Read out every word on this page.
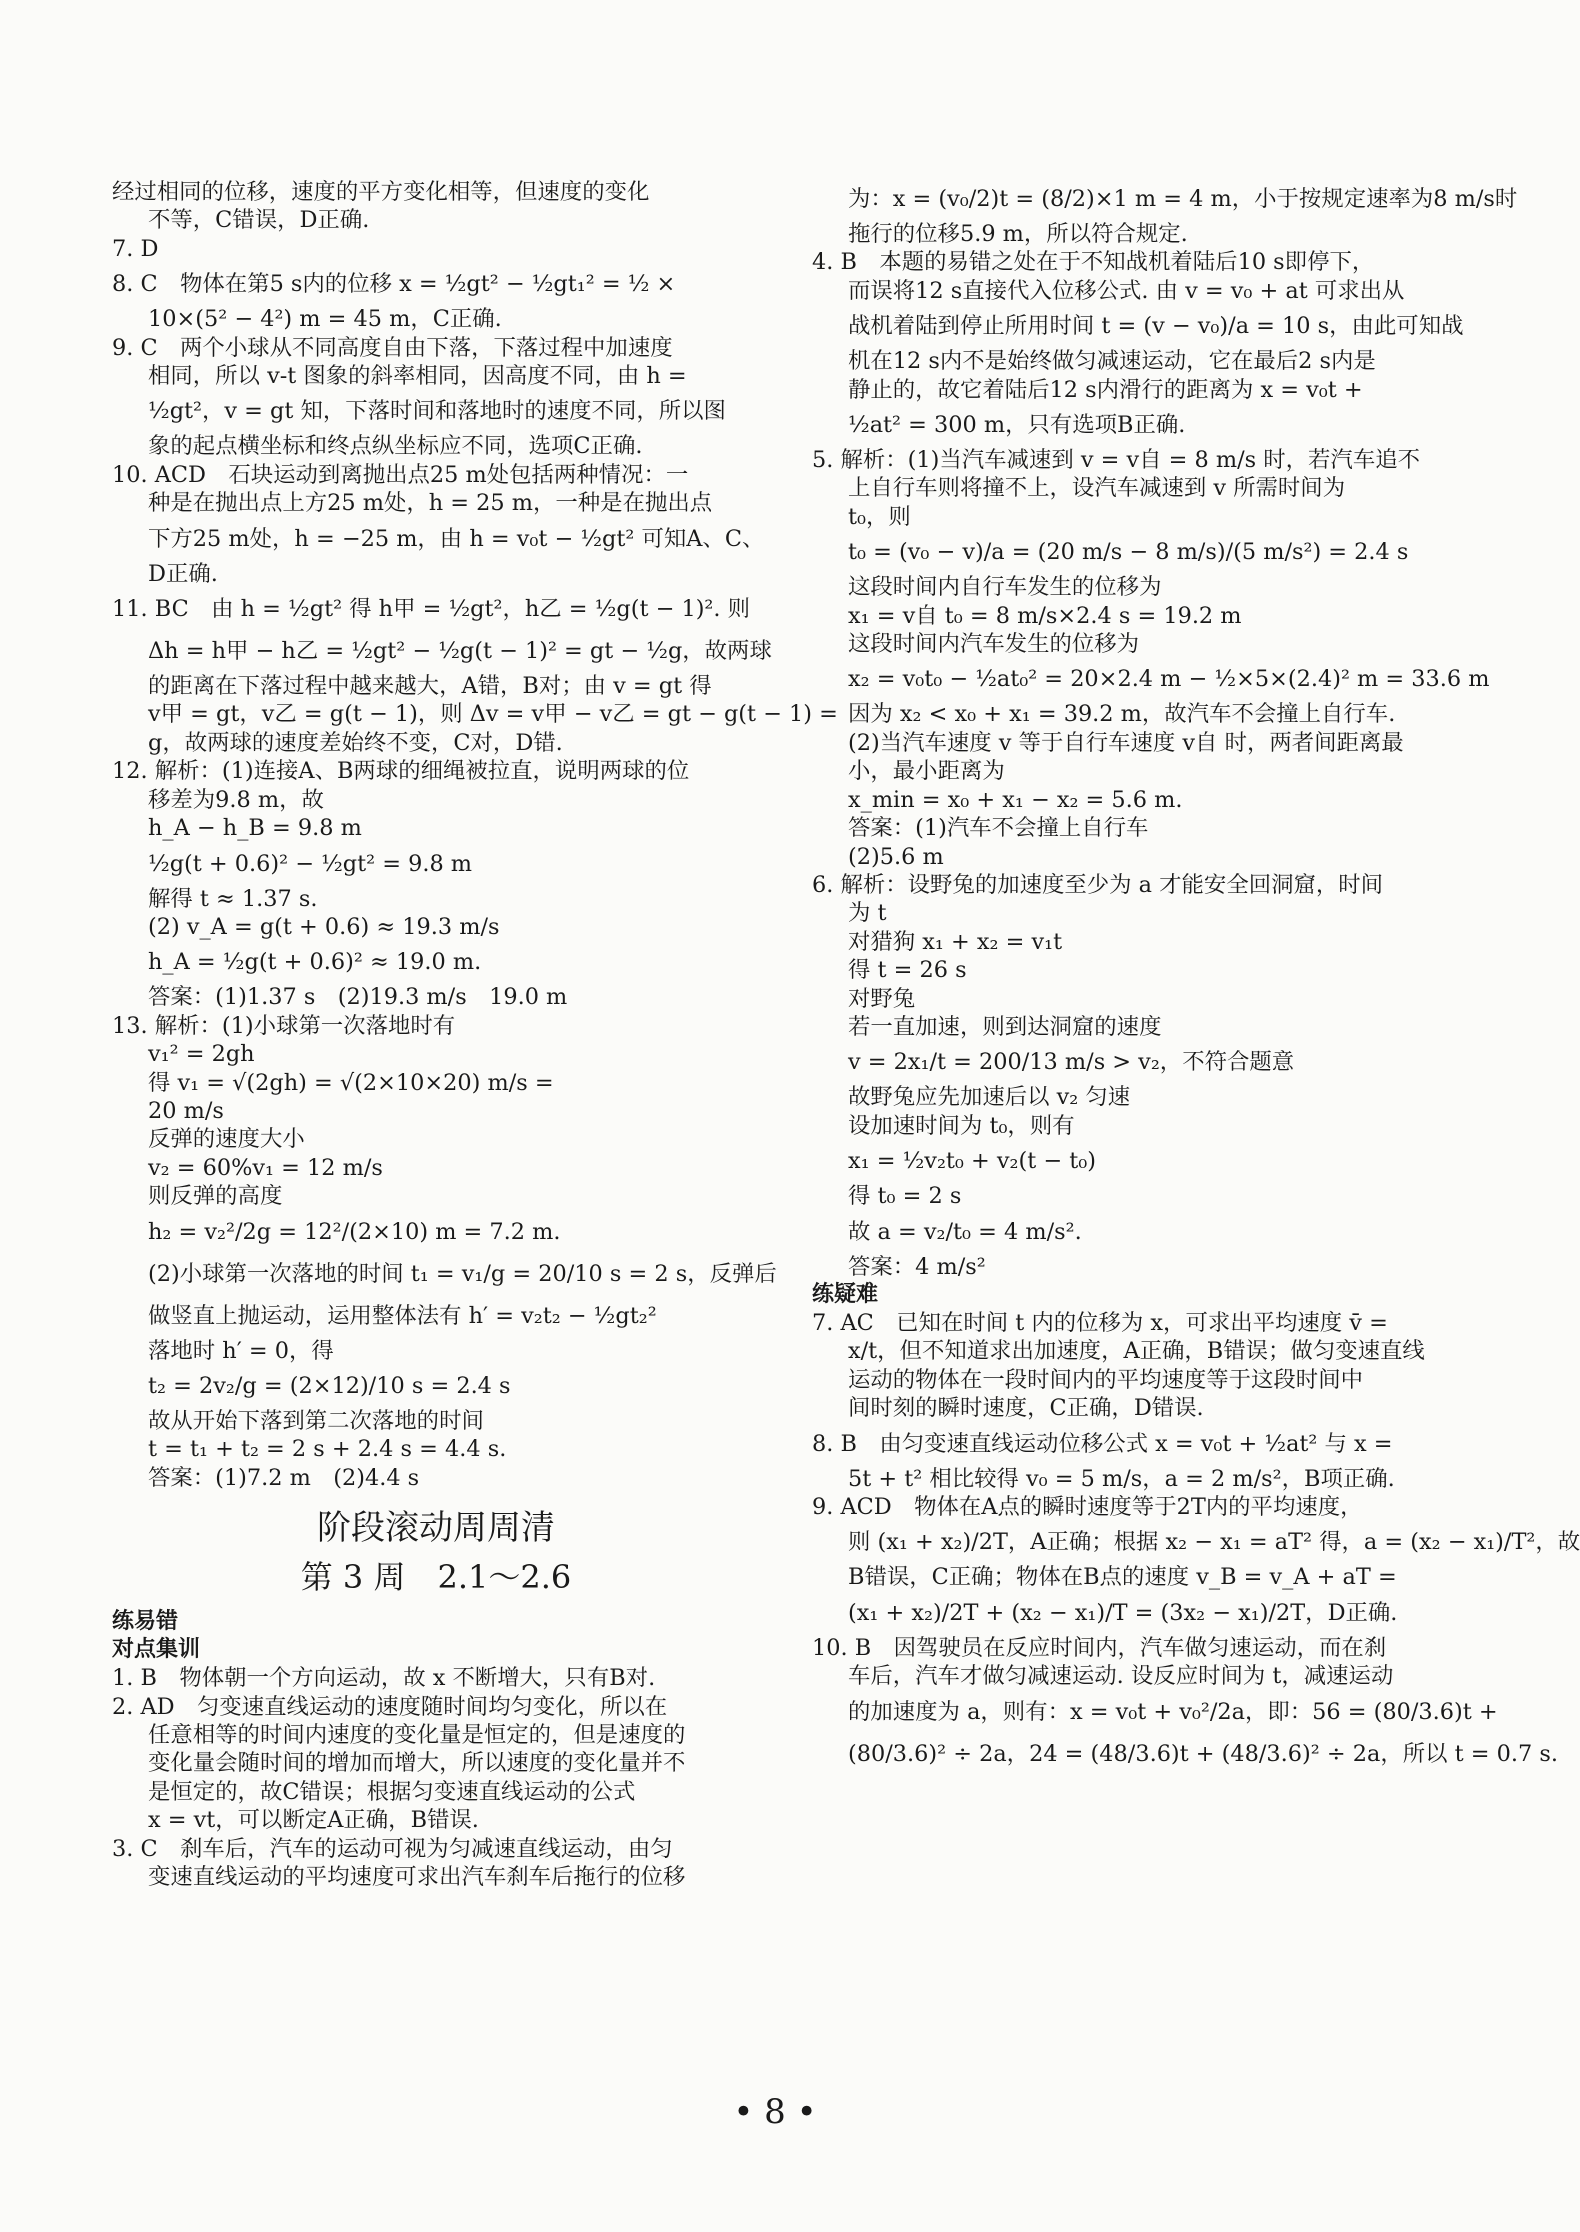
经过相同的位移，速度的平方变化相等，但速度的变化
不等，C错误，D正确.
7. D
8. C　物体在第5 s内的位移 x = ½gt² − ½gt₁² = ½ ×
10×(5² − 4²) m = 45 m，C正确.
9. C　两个小球从不同高度自由下落，下落过程中加速度
相同，所以 v-t 图象的斜率相同，因高度不同，由 h =
½gt²，v = gt 知，下落时间和落地时的速度不同，所以图
象的起点横坐标和终点纵坐标应不同，选项C正确.
10. ACD　石块运动到离抛出点25 m处包括两种情况：一
种是在抛出点上方25 m处，h = 25 m，一种是在抛出点
下方25 m处，h = −25 m，由 h = v₀t − ½gt² 可知A、C、
D正确.
11. BC　由 h = ½gt² 得 h甲 = ½gt²，h乙 = ½g(t − 1)². 则
Δh = h甲 − h乙 = ½gt² − ½g(t − 1)² = gt − ½g，故两球
的距离在下落过程中越来越大，A错，B对；由 v = gt 得
v甲 = gt，v乙 = g(t − 1)，则 Δv = v甲 − v乙 = gt − g(t − 1) =
g，故两球的速度差始终不变，C对，D错.
12. 解析：(1)连接A、B两球的细绳被拉直，说明两球的位
移差为9.8 m，故
h_A − h_B = 9.8 m
½g(t + 0.6)² − ½gt² = 9.8 m
解得 t ≈ 1.37 s.
(2) v_A = g(t + 0.6) ≈ 19.3 m/s
h_A = ½g(t + 0.6)² ≈ 19.0 m.
答案：(1)1.37 s　(2)19.3 m/s　19.0 m
13. 解析：(1)小球第一次落地时有
v₁² = 2gh
得 v₁ = √(2gh) = √(2×10×20) m/s =
20 m/s
反弹的速度大小
v₂ = 60%v₁ = 12 m/s
则反弹的高度
h₂ = v₂²/2g = 12²/(2×10) m = 7.2 m.
(2)小球第一次落地的时间 t₁ = v₁/g = 20/10 s = 2 s，反弹后
做竖直上抛运动，运用整体法有 h′ = v₂t₂ − ½gt₂²
落地时 h′ = 0，得
t₂ = 2v₂/g = (2×12)/10 s = 2.4 s
故从开始下落到第二次落地的时间
t = t₁ + t₂ = 2 s + 2.4 s = 4.4 s.
答案：(1)7.2 m　(2)4.4 s
阶段滚动周周清
第 3 周　2.1～2.6
练易错
对点集训
1. B　物体朝一个方向运动，故 x 不断增大，只有B对.
2. AD　匀变速直线运动的速度随时间均匀变化，所以在
任意相等的时间内速度的变化量是恒定的，但是速度的
变化量会随时间的增加而增大，所以速度的变化量并不
是恒定的，故C错误；根据匀变速直线运动的公式
x = vt，可以断定A正确，B错误.
3. C　刹车后，汽车的运动可视为匀减速直线运动，由匀
变速直线运动的平均速度可求出汽车刹车后拖行的位移
为：x = (v₀/2)t = (8/2)×1 m = 4 m，小于按规定速率为8 m/s时
拖行的位移5.9 m，所以符合规定.
4. B　本题的易错之处在于不知战机着陆后10 s即停下，
而误将12 s直接代入位移公式. 由 v = v₀ + at 可求出从
战机着陆到停止所用时间 t = (v − v₀)/a = 10 s，由此可知战
机在12 s内不是始终做匀减速运动，它在最后2 s内是
静止的，故它着陆后12 s内滑行的距离为 x = v₀t +
½at² = 300 m，只有选项B正确.
5. 解析：(1)当汽车减速到 v = v自 = 8 m/s 时，若汽车追不
上自行车则将撞不上，设汽车减速到 v 所需时间为
t₀，则
t₀ = (v₀ − v)/a = (20 m/s − 8 m/s)/(5 m/s²) = 2.4 s
这段时间内自行车发生的位移为
x₁ = v自 t₀ = 8 m/s×2.4 s = 19.2 m
这段时间内汽车发生的位移为
x₂ = v₀t₀ − ½at₀² = 20×2.4 m − ½×5×(2.4)² m = 33.6 m
因为 x₂ < x₀ + x₁ = 39.2 m，故汽车不会撞上自行车.
(2)当汽车速度 v 等于自行车速度 v自 时，两者间距离最
小，最小距离为
x_min = x₀ + x₁ − x₂ = 5.6 m.
答案：(1)汽车不会撞上自行车
(2)5.6 m
6. 解析：设野兔的加速度至少为 a 才能安全回洞窟，时间
为 t
对猎狗 x₁ + x₂ = v₁t
得 t = 26 s
对野兔
若一直加速，则到达洞窟的速度
v = 2x₁/t = 200/13 m/s > v₂，不符合题意
故野兔应先加速后以 v₂ 匀速
设加速时间为 t₀，则有
x₁ = ½v₂t₀ + v₂(t − t₀)
得 t₀ = 2 s
故 a = v₂/t₀ = 4 m/s².
答案：4 m/s²
练疑难
7. AC　已知在时间 t 内的位移为 x，可求出平均速度 v̄ =
x/t，但不知道求出加速度，A正确，B错误；做匀变速直线
运动的物体在一段时间内的平均速度等于这段时间中
间时刻的瞬时速度，C正确，D错误.
8. B　由匀变速直线运动位移公式 x = v₀t + ½at² 与 x =
5t + t² 相比较得 v₀ = 5 m/s，a = 2 m/s²，B项正确.
9. ACD　物体在A点的瞬时速度等于2T内的平均速度，
则 (x₁ + x₂)/2T，A正确；根据 x₂ − x₁ = aT² 得，a = (x₂ − x₁)/T²，故
B错误，C正确；物体在B点的速度 v_B = v_A + aT =
(x₁ + x₂)/2T + (x₂ − x₁)/T = (3x₂ − x₁)/2T，D正确.
10. B　因驾驶员在反应时间内，汽车做匀速运动，而在刹
车后，汽车才做匀减速运动. 设反应时间为 t，减速运动
的加速度为 a，则有：x = v₀t + v₀²/2a，即：56 = (80/3.6)t +
(80/3.6)² ÷ 2a，24 = (48/3.6)t + (48/3.6)² ÷ 2a，所以 t = 0.7 s.
• 8 •
